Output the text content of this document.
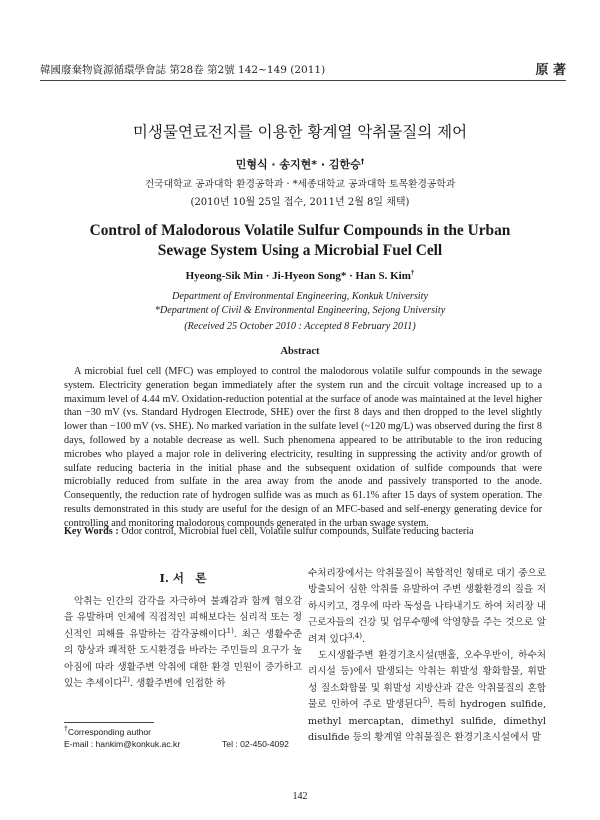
韓國廢棄物資源循環學會誌 第28卷 第2號 142~149 (2011)	原 著
미생물연료전지를 이용한 황계열 악취물질의 제어
민형식 · 송지현* · 김한승†
건국대학교 공과대학 환경공학과 · *세종대학교 공과대학 토목환경공학과
(2010년 10월 25일 접수, 2011년 2월 8일 채택)
Control of Malodorous Volatile Sulfur Compounds in the Urban
Sewage System Using a Microbial Fuel Cell
Hyeong-Sik Min · Ji-Hyeon Song* · Han S. Kim†
Department of Environmental Engineering, Konkuk University
*Department of Civil & Environmental Engineering, Sejong University
(Received 25 October 2010 : Accepted 8 February 2011)
Abstract

A microbial fuel cell (MFC) was employed to control the malodorous volatile sulfur compounds in the sewage system. Electricity generation began immediately after the system run and the circuit voltage increased up to a maximum level of 4.44 mV. Oxidation-reduction potential at the surface of anode was maintained at the level higher than −30 mV (vs. Standard Hydrogen Electrode, SHE) over the first 8 days and then dropped to the level slightly lower than −100 mV (vs. SHE). No marked variation in the sulfate level (~120 mg/L) was observed during the first 8 days, followed by a notable decrease as well. Such phenomena appeared to be attributable to the iron reducing microbes who played a major role in delivering electricity, resulting in suppressing the activity and/or growth of sulfate reducing bacteria in the initial phase and the subsequent oxidation of sulfide compounds that were microbially reduced from sulfate in the area away from the anode and passively transported to the anode. Consequently, the reduction rate of hydrogen sulfide was as much as 61.1% after 15 days of system operation. The results demonstrated in this study are useful for the design of an MFC-based and self-energy generating device for controlling and monitoring malodorous compounds generated in the urban swage system.

Key Words : Odor control, Microbial fuel cell, Volatile sulfur compounds, Sulfate reducing bacteria
I. 서　론

악취는 인간의 감각을 자극하여 불쾌감과 함께 혐오감을 유발하며 인체에 직접적인 피해보다는 심리적 또는 정신적인 피해를 유발하는 감각공해이다$^{1)}$. 최근 생활수준의 향상과 쾌적한 도시환경을 바라는 주민들의 요구가 높아짐에 따라 생활주변 악취에 대한 환경 민원이 증가하고 있는 추세이다$^{2)}$. 생활주변에 인접한 하

수처리장에서는 악취물질이 복합적인 형태로 대기 중으로 방출되어 심한 악취를 유발하여 주변 생활환경의 질을 저하시키고, 경우에 따라 독성을 나타내기도 하여 처리장 내 근로자들의 건강 및 업무수행에 악영향을 주는 것으로 알려져 있다$^{3,4)}$.

도시생활주변 환경기초시설(맨홀, 오수우반이, 하수처리시설 등)에서 발생되는 악취는 휘발성 황화합물, 휘발성 질소화합물 및 휘발성 지방산과 같은 악취물질의 혼합물로 인하여 주로 발생된다$^{5)}$. 특히 hydrogen sulfide, methyl mercaptan, dimethyl sulfide, dimethyl disulfide 등의 황계열 악취물질은 환경기초시설에서 발

†Corresponding author
E-mail : hankim@konkuk.ac.kr	Tel : 02-450-4092
142
